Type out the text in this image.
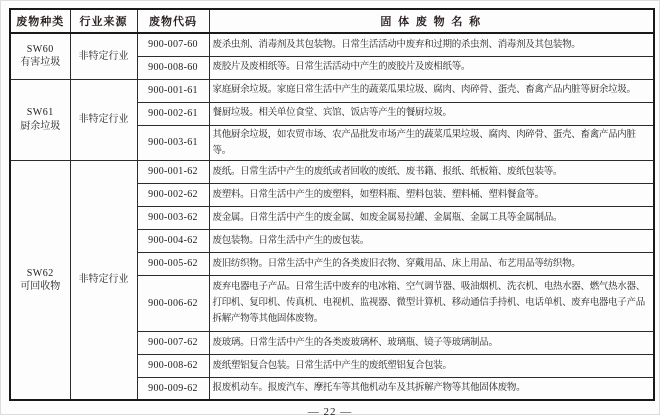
废物种类	行业来源	废物代码	固 体 废 物 名 称

SW60
有害垃圾	非特定行业	900-007-60	废杀虫剂、消毒剂及其包装物。日常生活活动中废弃和过期的杀虫剂、消毒剂及其包装物。
		900-008-60	废胶片及废相纸等。日常生活活动中产生的废胶片及废相纸等。

SW61
厨余垃圾	非特定行业	900-001-61	家庭厨余垃圾。家庭日常生活中产生的蔬菜瓜果垃圾、腐肉、肉碎骨、蛋壳、畜禽产品内脏等厨余垃圾。
		900-002-61	餐厨垃圾。相关单位食堂、宾馆、饭店等产生的餐厨垃圾。
		900-003-61	其他厨余垃圾，如农贸市场、农产品批发市场产生的蔬菜瓜果垃圾、腐肉、肉碎骨、蛋壳、畜禽产品内脏等。

SW62
可回收物	非特定行业	900-001-62	废纸。日常生活中产生的废纸或者回收的废纸、废书籍、报纸、纸板箱、废纸包装等。
		900-002-62	废塑料。日常生活中产生的废塑料，如塑料瓶、塑料包装、塑料桶、塑料餐盒等。
		900-003-62	废金属。日常生活中产生的废金属、如废金属易拉罐、金属瓶、金属工具等金属制品。
		900-004-62	废包装物。日常生活中产生的废包装。
		900-005-62	废旧纺织物。日常生活中产生的各类废旧衣物、穿戴用品、床上用品、布艺用品等纺织物。
		900-006-62	废弃电器电子产品。日常生活中废弃的电冰箱、空气调节器、吸油烟机、洗衣机、电热水器、燃气热水器、打印机、复印机、传真机、电视机、监视器、微型计算机、移动通信手持机、电话单机、废弃电器电子产品拆解产物等其他固体废物。
		900-007-62	废玻璃。日常生活中产生的各类废玻璃杯、玻璃瓶、镜子等玻璃制品。
		900-008-62	废纸塑铝复合包装。日常生活中产生的废纸塑铝复合包装。
		900-009-62	报废机动车。报废汽车、摩托车等其他机动车及其拆解产物等其他固体废物。
— 22 —
